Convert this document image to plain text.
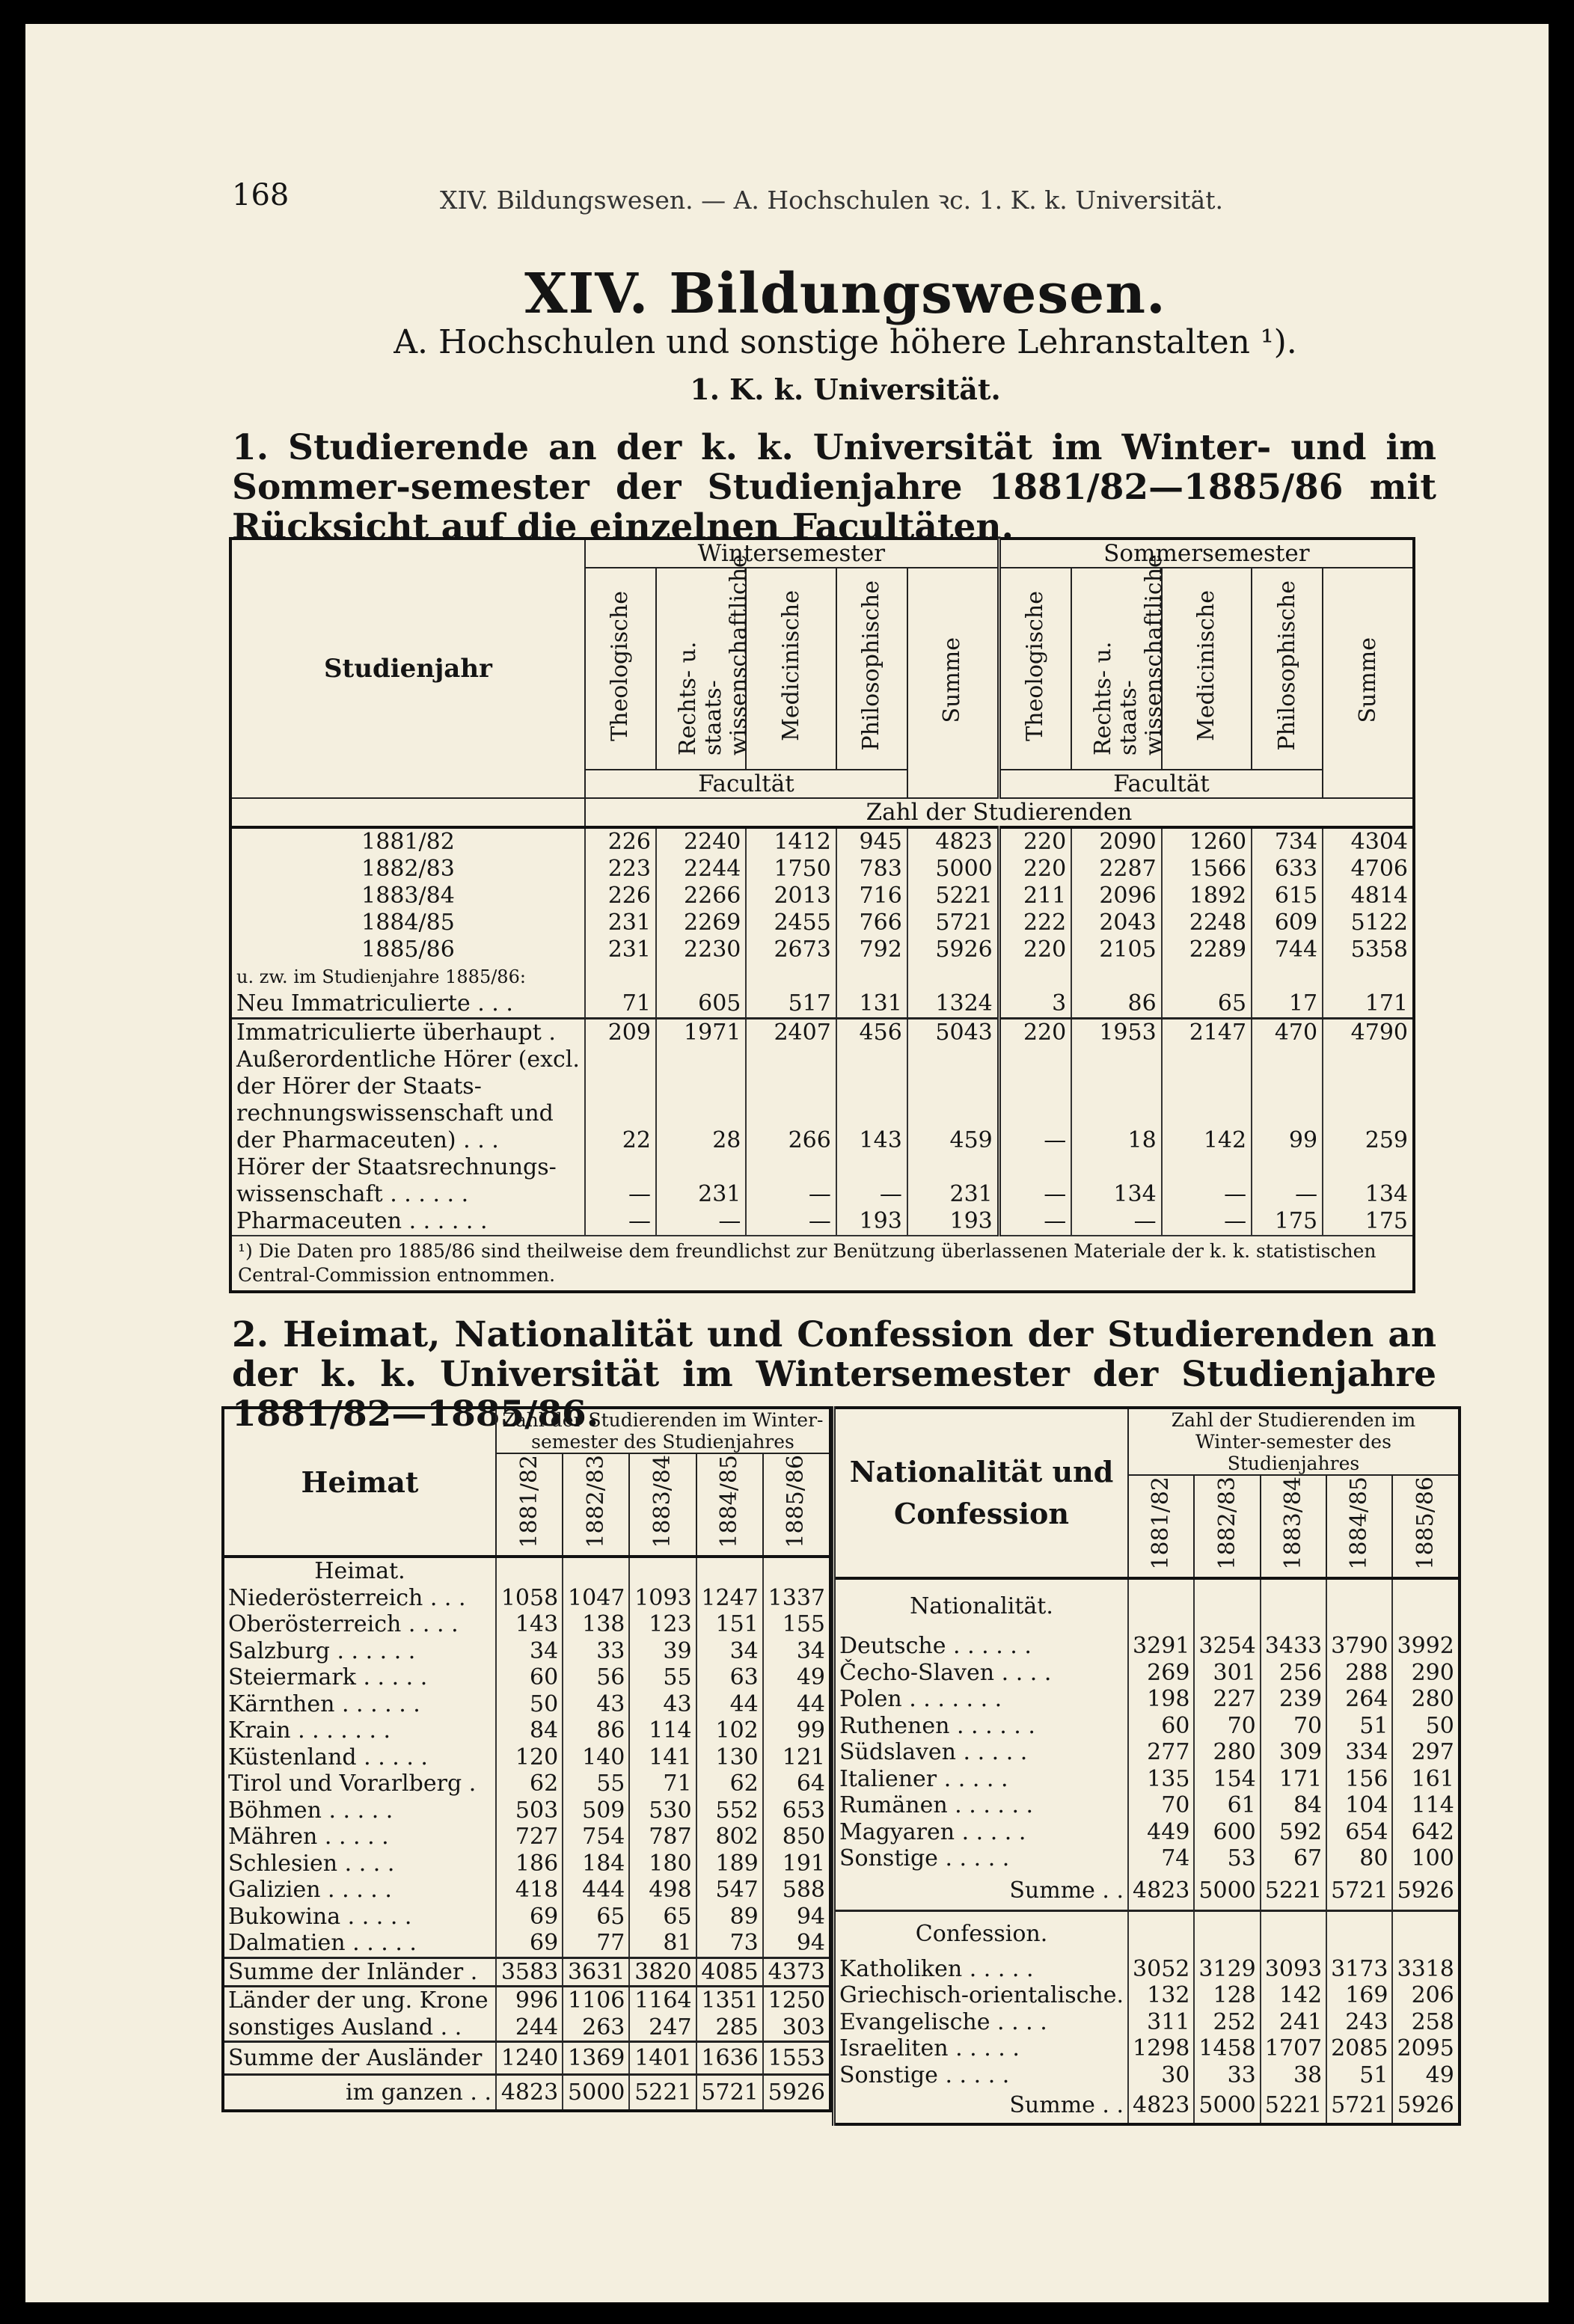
168	XIV. Bildungswesen. — A. Hochschulen ꝛc. 1. K. k. Universität.
XIV. Bildungswesen.
A. Hochschulen und sonstige höhere Lehranstalten ¹).
1. K. k. Universität.
1. Studierende an der k. k. Universität im Winter- und im Sommer-semester der Studienjahre 1881/82—1885/86 mit Rücksicht auf die einzelnen Facultäten.
Studienjahr	Wintersemester					Sommersemester				
	Theologische	Rechts- u. staats-wissenschaftliche	Medicinische	Philosophische	Summe	Theologische	Rechts- u. staats-wissenschaftliche	Medicinische	Philosophische	Summe
	Facultät					Facultät				
	Zahl der Studierenden									
1881/82	226	2240	1412	945	4823	220	2090	1260	734	4304
1882/83	223	2244	1750	783	5000	220	2287	1566	633	4706
1883/84	226	2266	2013	716	5221	211	2096	1892	615	4814
1884/85	231	2269	2455	766	5721	222	2043	2248	609	5122
1885/86	231	2230	2673	792	5926	220	2105	2289	744	5358
u. zw. im Studienjahre 1885/86:										
Neu Immatriculierte . . .	71	605	517	131	1324	3	86	65	17	171
Immatriculierte überhaupt .	209	1971	2407	456	5043	220	1953	2147	470	4790
Außerordentliche Hörer (excl.										
der Hörer der Staats-										
rechnungswissenschaft und										
der Pharmaceuten) . . .	22	28	266	143	459	—	18	142	99	259
Hörer der Staatsrechnungs-										
wissenschaft . . . . . .	—	231	—	—	231	—	134	—	—	134
Pharmaceuten . . . . . .	—	—	—	193	193	—	—	—	175	175
¹) Die Daten pro 1885/86 sind theilweise dem freundlichst zur Benützung überlassenen Materiale der k. k. statistischen Central-Commission entnommen.										
2. Heimat, Nationalität und Confession der Studierenden an der k. k. Universität im Wintersemester der Studienjahre 1881/82—1885/86.
Heimat	Zahl der Studierenden im Winter-semester des Studienjahres				
	1881/82	1882/83	1883/84	1884/85	1885/86
Heimat.					
Niederösterreich . . .	1058	1047	1093	1247	1337
Oberösterreich . . . .	143	138	123	151	155
Salzburg . . . . . .	34	33	39	34	34
Steiermark . . . . .	60	56	55	63	49
Kärnthen . . . . . .	50	43	43	44	44
Krain . . . . . . .	84	86	114	102	99
Küstenland . . . . .	120	140	141	130	121
Tirol und Vorarlberg .	62	55	71	62	64
Böhmen . . . . .	503	509	530	552	653
Mähren . . . . .	727	754	787	802	850
Schlesien . . . .	186	184	180	189	191
Galizien . . . . .	418	444	498	547	588
Bukowina . . . . .	69	65	65	89	94
Dalmatien . . . . .	69	77	81	73	94
Summe der Inländer .	3583	3631	3820	4085	4373
Länder der ung. Krone	996	1106	1164	1351	1250
sonstiges Ausland . .	244	263	247	285	303
Summe der Ausländer	1240	1369	1401	1636	1553
im ganzen . .	4823	5000	5221	5721	5926
Nationalität und Confession	Zahl der Studierenden im Winter-semester des Studienjahres				
	1881/82	1882/83	1883/84	1884/85	1885/86
Nationalität.					
Deutsche . . . . . .	3291	3254	3433	3790	3992
Čecho-Slaven . . . .	269	301	256	288	290
Polen . . . . . . .	198	227	239	264	280
Ruthenen . . . . . .	60	70	70	51	50
Südslaven . . . . .	277	280	309	334	297
Italiener . . . . .	135	154	171	156	161
Rumänen . . . . . .	70	61	84	104	114
Magyaren . . . . .	449	600	592	654	642
Sonstige . . . . .	74	53	67	80	100
Summe . .	4823	5000	5221	5721	5926
Confession.					
Katholiken . . . . .	3052	3129	3093	3173	3318
Griechisch-orientalische.	132	128	142	169	206
Evangelische . . . .	311	252	241	243	258
Israeliten . . . . .	1298	1458	1707	2085	2095
Sonstige . . . . .	30	33	38	51	49
Summe . .	4823	5000	5221	5721	5926
